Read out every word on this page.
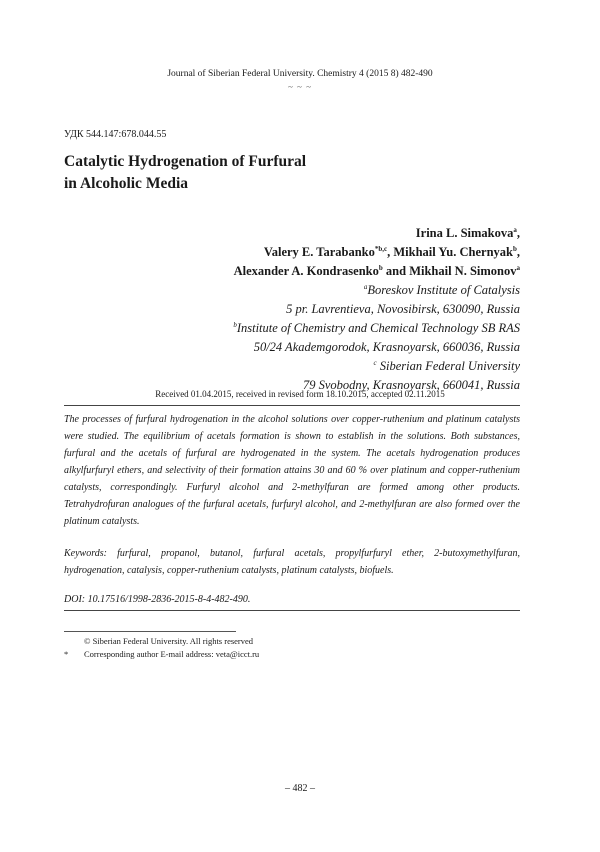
Journal of Siberian Federal University. Chemistry 4 (2015 8) 482-490
~ ~ ~
УДК 544.147:678.044.55
Catalytic Hydrogenation of Furfural
in Alcoholic Media
Irina L. Simakova$^a$,
Valery E. Tarabanko$^{*b,c}$, Mikhail Yu. Chernyak$^b$,
Alexander A. Kondrasenko$^b$ and Mikhail N. Simonov$^a$
$^a$Boreskov Institute of Catalysis
5 pr. Lavrentieva, Novosibirsk, 630090, Russia
$^b$Institute of Chemistry and Chemical Technology SB RAS
50/24 Akademgorodok, Krasnoyarsk, 660036, Russia
$^c$ Siberian Federal University
79 Svobodny, Krasnoyarsk, 660041, Russia
Received 01.04.2015, received in revised form 18.10.2015, accepted 02.11.2015
The processes of furfural hydrogenation in the alcohol solutions over copper-ruthenium and platinum catalysts were studied. The equilibrium of acetals formation is shown to establish in the solutions. Both substances, furfural and the acetals of furfural are hydrogenated in the system. The acetals hydrogenation produces alkylfurfuryl ethers, and selectivity of their formation attains 30 and 60 % over platinum and copper-ruthenium catalysts, correspondingly. Furfuryl alcohol and 2-methylfuran are formed among other products. Tetrahydrofuran analogues of the furfural acetals, furfuryl alcohol, and 2-methylfuran are also formed over the platinum catalysts.
Keywords: furfural, propanol, butanol, furfural acetals, propylfurfuryl ether, 2-butoxymethylfuran, hydrogenation, catalysis, copper-ruthenium catalysts, platinum catalysts, biofuels.
DOI: 10.17516/1998-2836-2015-8-4-482-490.
© Siberian Federal University. All rights reserved
* Corresponding author E-mail address: veta@icct.ru
– 482 –
